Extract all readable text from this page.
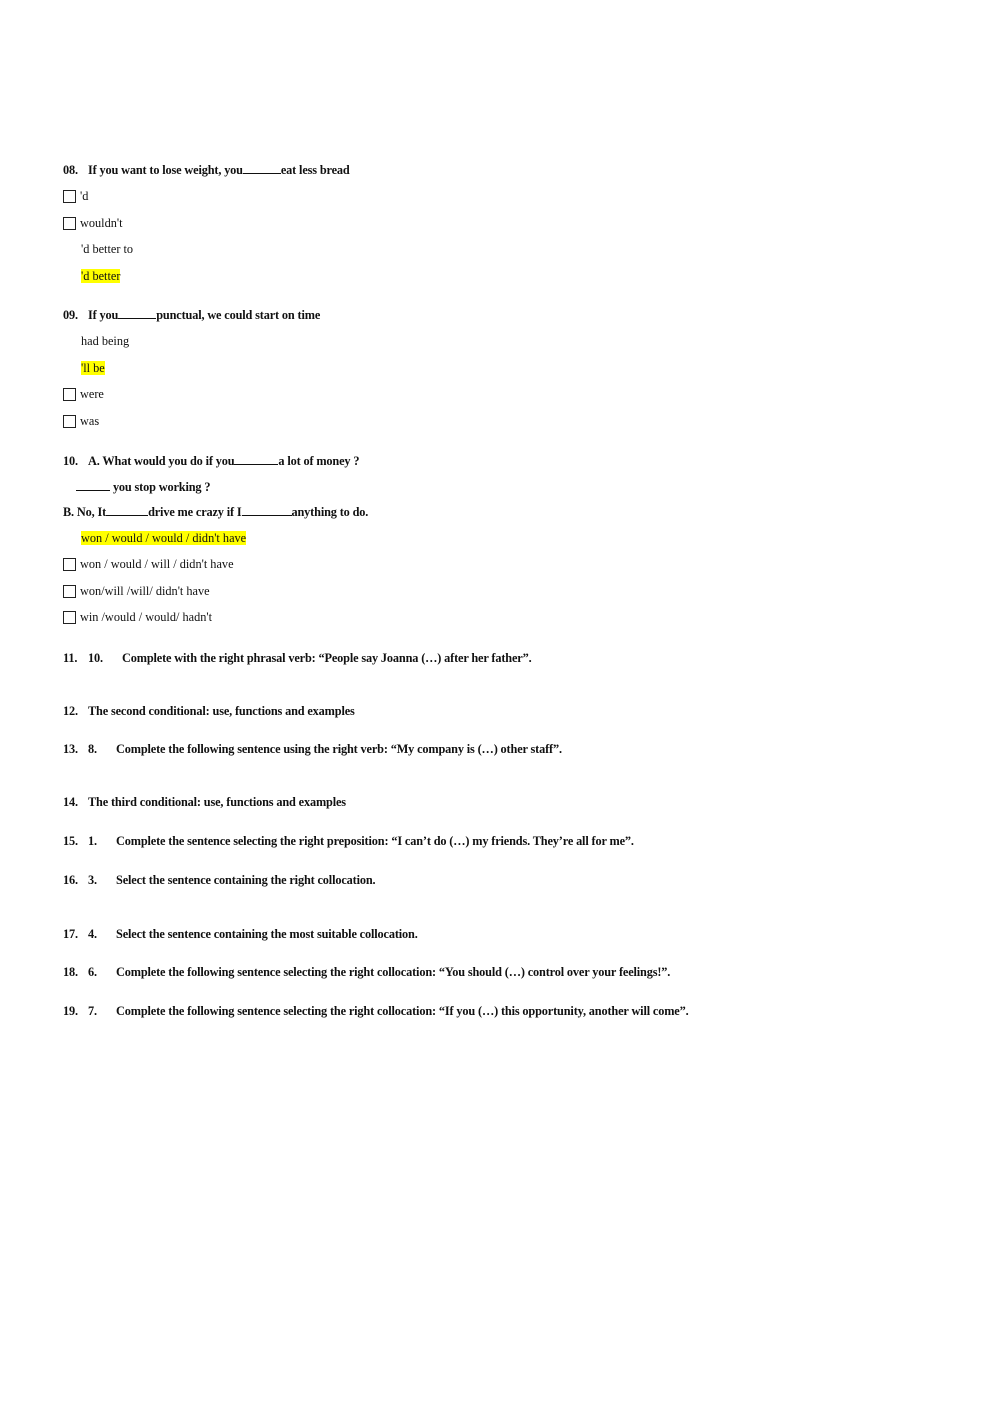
08. If you want to lose weight, you	eat less bread
'd
wouldn't
'd better to
'd better
09. If you	punctual, we could start on time
had being
'll be
were
was
10. A. What would you do if you	a lot of money ?
you stop working ?
B. No, It	drive me crazy if I	anything to do.
won / would / would / didn't have
won / would / will / didn't have
won/will /will/ didn't have
win /would / would/ hadn't
11. 10. Complete with the right phrasal verb: “People say Joanna (…) after her father”.
12. The second conditional: use, functions and examples
13. 8. Complete the following sentence using the right verb: “My company is (…) other staff”.
14. The third conditional: use, functions and examples
15. 1. Complete the sentence selecting the right preposition: “I can’t do (…) my friends. They’re all for me”.
16. 3. Select the sentence containing the right collocation.
17. 4. Select the sentence containing the most suitable collocation.
18. 6. Complete the following sentence selecting the right collocation: “You should (…) control over your feelings!”.
19. 7. Complete the following sentence selecting the right collocation: “If you (…) this opportunity, another will come”.
